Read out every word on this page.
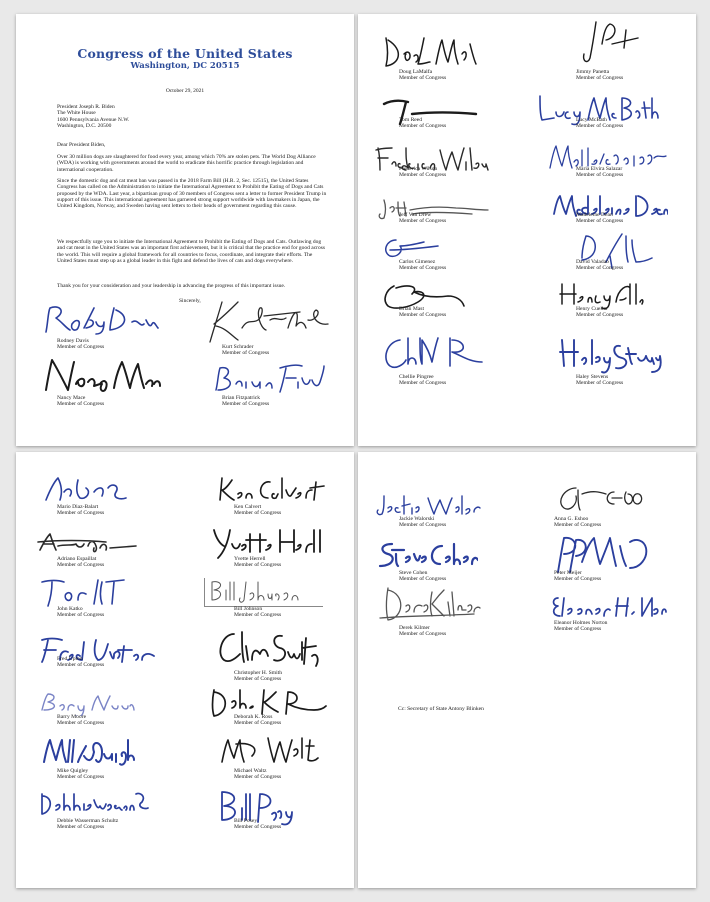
Congress of the United States
Washington, DC 20515
October 29, 2021
President Joseph R. Biden
The White House
1600 Pennsylvania Avenue N.W.
Washington, D.C. 20500
Dear President Biden,
Over 30 million dogs are slaughtered for food every year, among which 70% are stolen pets. The World Dog Alliance (WDA) is working with governments around the world to eradicate this horrific practice through legislation and international cooperation.
Since the domestic dog and cat meat ban was passed in the 2018 Farm Bill (H.R. 2, Sec. 12515), the United States Congress has called on the Administration to initiate the International Agreement to Prohibit the Eating of Dogs and Cats proposed by the WDA. Last year, a bipartisan group of 30 members of Congress sent a letter to former President Trump in support of this issue. This international agreement has garnered strong support worldwide with lawmakers in Japan, the United Kingdom, Norway, and Sweden having sent letters to their heads of government regarding this cause.
We respectfully urge you to initiate the International Agreement to Prohibit the Eating of Dogs and Cats. Outlawing dog and cat meat in the United States was an important first achievement, but it is critical that the practice end for good across the world. This will require a global framework for all countries to focus, coordinate, and integrate their efforts. The United States must step up as a global leader in this fight and defend the lives of cats and dogs everywhere.
Thank you for your consideration and your leadership in advancing the progress of this important issue.
Sincerely,
Rodney Davis
Member of Congress	Kurt Schrader
Member of Congress
Nancy Mace
Member of Congress
Brian Fitzpatrick
Member of Congress
Doug LaMalfa
Member of Congress
Jimmy Panetta
Member of Congress
Tom Reed
Member of Congress
Lucy McBath
Member of Congress
Frederica Wilson
Member of Congress
Maria Elvira Salazar
Member of Congress
Jeff Van Drew
Member of Congress
Madeleine Dean
Member of Congress
Carlos Gimenez
Member of Congress
David Valadao
Member of Congress
Brian Mast
Member of Congress
Henry Cuellar
Member of Congress
Chellie Pingree
Member of Congress
Haley Stevens
Member of Congress
Mario Diaz-Balart
Member of Congress
Ken Calvert
Member of Congress
Adriano Espaillat
Member of Congress
Yvette Herrell
Member of Congress
John Katko
Member of Congress
Bill Johnson
Member of Congress
Fred Upton
Member of Congress
Christopher H. Smith
Member of Congress
Barry Moore
Member of Congress
Deborah K. Ross
Member of Congress
Mike Quigley
Member of Congress
Michael Waltz
Member of Congress
Debbie Wasserman Schultz
Member of Congress
Bill Posey
Member of Congress
Jackie Walorski
Member of Congress
Anna G. Eshoo
Member of Congress
Steve Cohen
Member of Congress
Peter Meijer
Member of Congress
Derek Kilmer
Member of Congress
Eleanor Holmes Norton
Member of Congress
Cc: Secretary of State Antony Blinken
